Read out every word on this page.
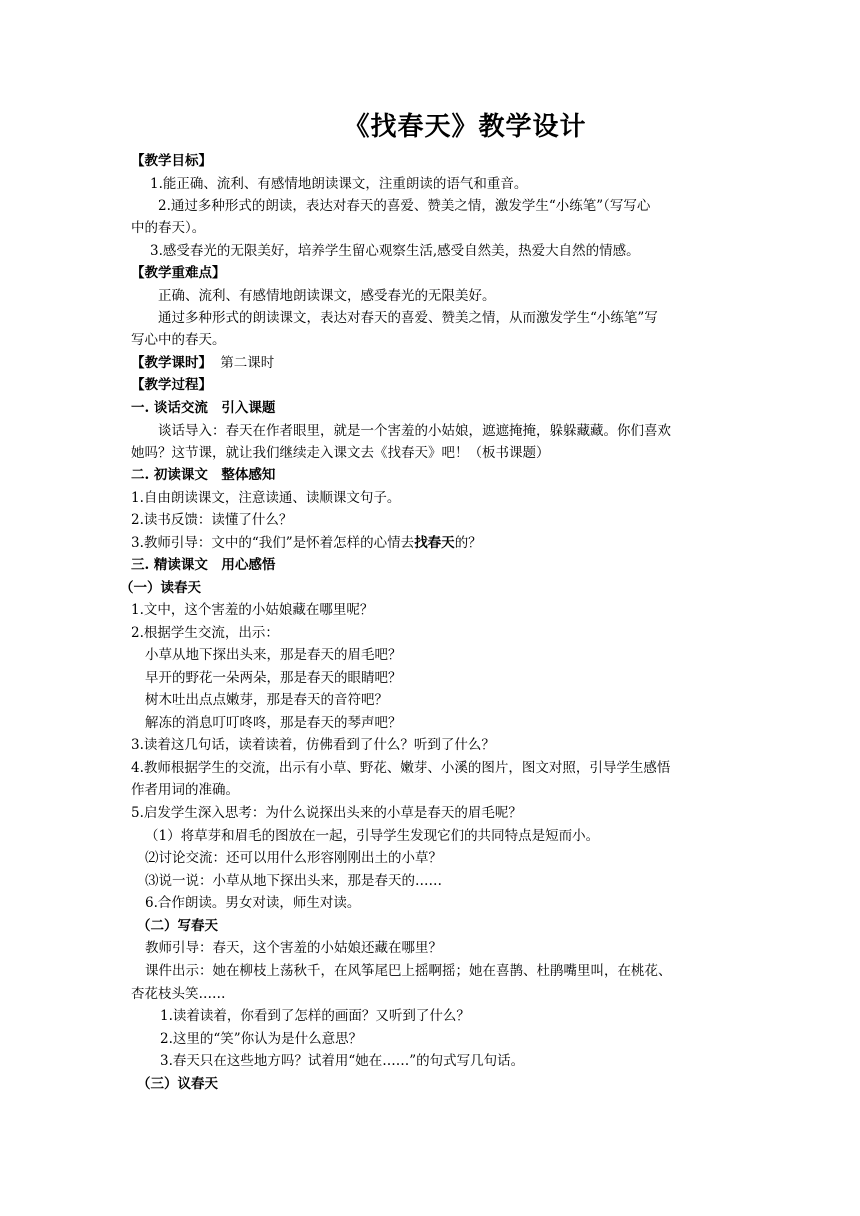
《找春天》教学设计
【教学目标】
1.能正确、流利、有感情地朗读课文，注重朗读的语气和重音。
2.通过多种形式的朗读，表达对春天的喜爱、赞美之情，激发学生“小练笔”（写写心
中的春天）。
3.感受春光的无限美好，培养学生留心观察生活,感受自然美，热爱大自然的情感。
【教学重难点】
正确、流利、有感情地朗读课文，感受春光的无限美好。
通过多种形式的朗读课文，表达对春天的喜爱、赞美之情，从而激发学生“小练笔”写
写心中的春天。
【教学课时】 第二课时
【教学过程】
一. 谈话交流　引入课题
谈话导入：春天在作者眼里，就是一个害羞的小姑娘，遮遮掩掩，躲躲藏藏。你们喜欢
她吗？这节课，就让我们继续走入课文去《找春天》吧！（板书课题）
二. 初读课文　整体感知
1.自由朗读课文，注意读通、读顺课文句子。
2.读书反馈：读懂了什么？
3.教师引导：文中的“我们”是怀着怎样的心情去找春天的？
三. 精读课文　用心感悟
（一）读春天
1.文中，这个害羞的小姑娘藏在哪里呢？
2.根据学生交流，出示：
小草从地下探出头来，那是春天的眉毛吧？
早开的野花一朵两朵，那是春天的眼睛吧？
树木吐出点点嫩芽，那是春天的音符吧？
解冻的消息叮叮咚咚，那是春天的琴声吧？
3.读着这几句话，读着读着，仿佛看到了什么？听到了什么？
4.教师根据学生的交流，出示有小草、野花、嫩芽、小溪的图片，图文对照，引导学生感悟
作者用词的准确。
5.启发学生深入思考：为什么说探出头来的小草是春天的眉毛呢？
（1）将草芽和眉毛的图放在一起，引导学生发现它们的共同特点是短而小。
⑵讨论交流：还可以用什么形容刚刚出土的小草？
⑶说一说：小草从地下探出头来，那是春天的……
6.合作朗读。男女对读，师生对读。
（二）写春天
教师引导：春天，这个害羞的小姑娘还藏在哪里？
课件出示：她在柳枝上荡秋千，在风筝尾巴上摇啊摇；她在喜鹊、杜鹃嘴里叫，在桃花、
杏花枝头笑……
1.读着读着，你看到了怎样的画面？又听到了什么？
2.这里的“笑”你认为是什么意思？
3.春天只在这些地方吗？试着用“她在……”的句式写几句话。
（三）议春天
